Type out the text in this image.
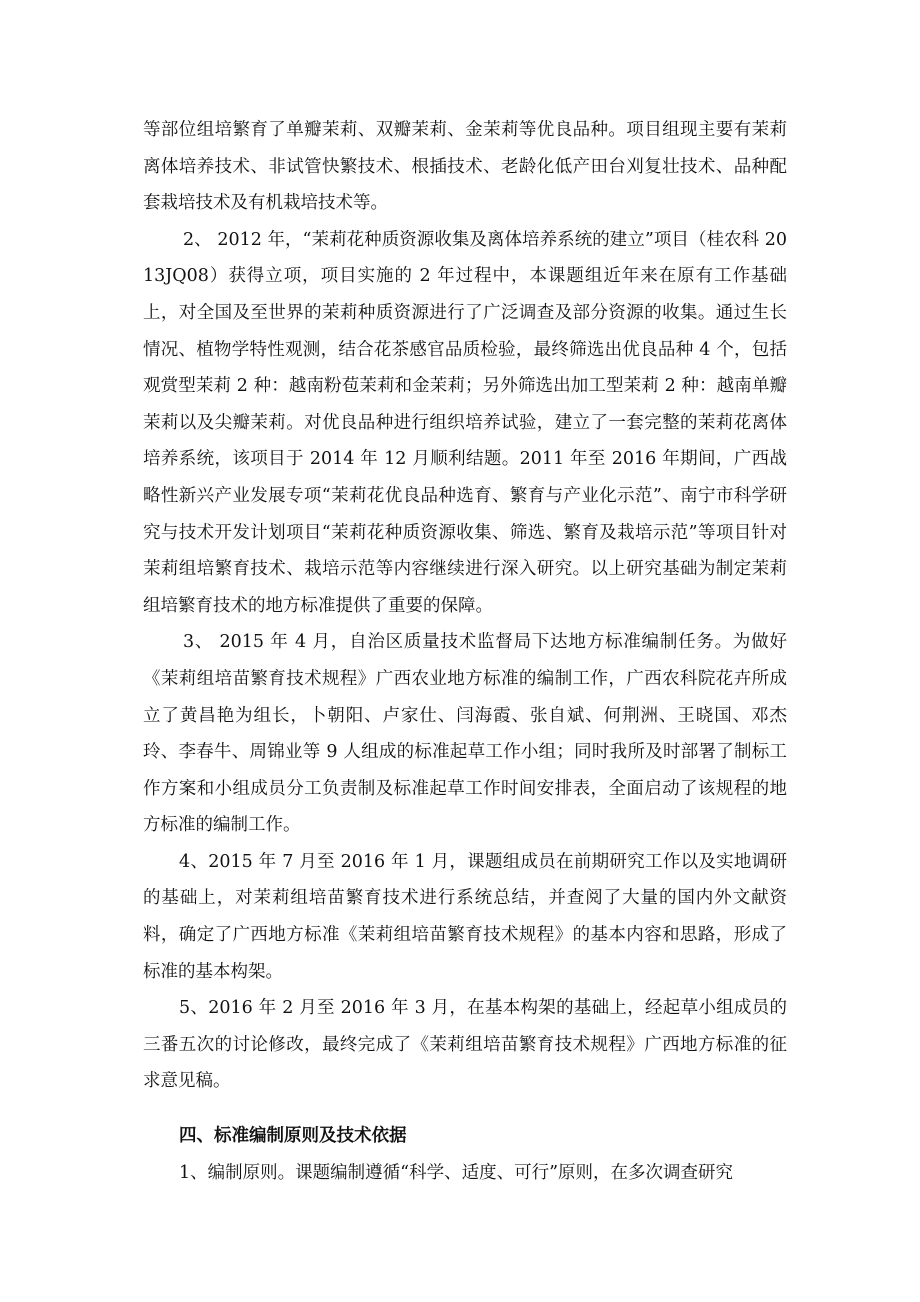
等部位组培繁育了单瓣茉莉、双瓣茉莉、金茉莉等优良品种。项目组现主要有茉莉离体培养技术、非试管快繁技术、根插技术、老龄化低产田台刈复壮技术、品种配套栽培技术及有机栽培技术等。

2、 2012 年，“茉莉花种质资源收集及离体培养系统的建立”项目（桂农科 2013JQ08）获得立项，项目实施的 2 年过程中，本课题组近年来在原有工作基础上，对全国及至世界的茉莉种质资源进行了广泛调查及部分资源的收集。通过生长情况、植物学特性观测，结合花茶感官品质检验，最终筛选出优良品种 4 个，包括观赏型茉莉 2 种：越南粉苞茉莉和金茉莉；另外筛选出加工型茉莉 2 种：越南单瓣茉莉以及尖瓣茉莉。对优良品种进行组织培养试验，建立了一套完整的茉莉花离体培养系统，该项目于 2014 年 12 月顺利结题。2011 年至 2016 年期间，广西战略性新兴产业发展专项“茉莉花优良品种选育、繁育与产业化示范”、南宁市科学研究与技术开发计划项目“茉莉花种质资源收集、筛选、繁育及栽培示范”等项目针对茉莉组培繁育技术、栽培示范等内容继续进行深入研究。以上研究基础为制定茉莉组培繁育技术的地方标准提供了重要的保障。

3、 2015 年 4 月，自治区质量技术监督局下达地方标准编制任务。为做好《茉莉组培苗繁育技术规程》广西农业地方标准的编制工作，广西农科院花卉所成立了黄昌艳为组长，卜朝阳、卢家仕、闫海霞、张自斌、何荆洲、王晓国、邓杰玲、李春牛、周锦业等 9 人组成的标准起草工作小组；同时我所及时部署了制标工作方案和小组成员分工负责制及标准起草工作时间安排表，全面启动了该规程的地方标准的编制工作。

4、2015 年 7 月至 2016 年 1 月，课题组成员在前期研究工作以及实地调研的基础上，对茉莉组培苗繁育技术进行系统总结，并查阅了大量的国内外文献资料，确定了广西地方标准《茉莉组培苗繁育技术规程》的基本内容和思路，形成了标准的基本构架。

5、2016 年 2 月至 2016 年 3 月，在基本构架的基础上，经起草小组成员的三番五次的讨论修改，最终完成了《茉莉组培苗繁育技术规程》广西地方标准的征求意见稿。

四、标准编制原则及技术依据

1、编制原则。课题编制遵循“科学、适度、可行”原则，在多次调查研究
